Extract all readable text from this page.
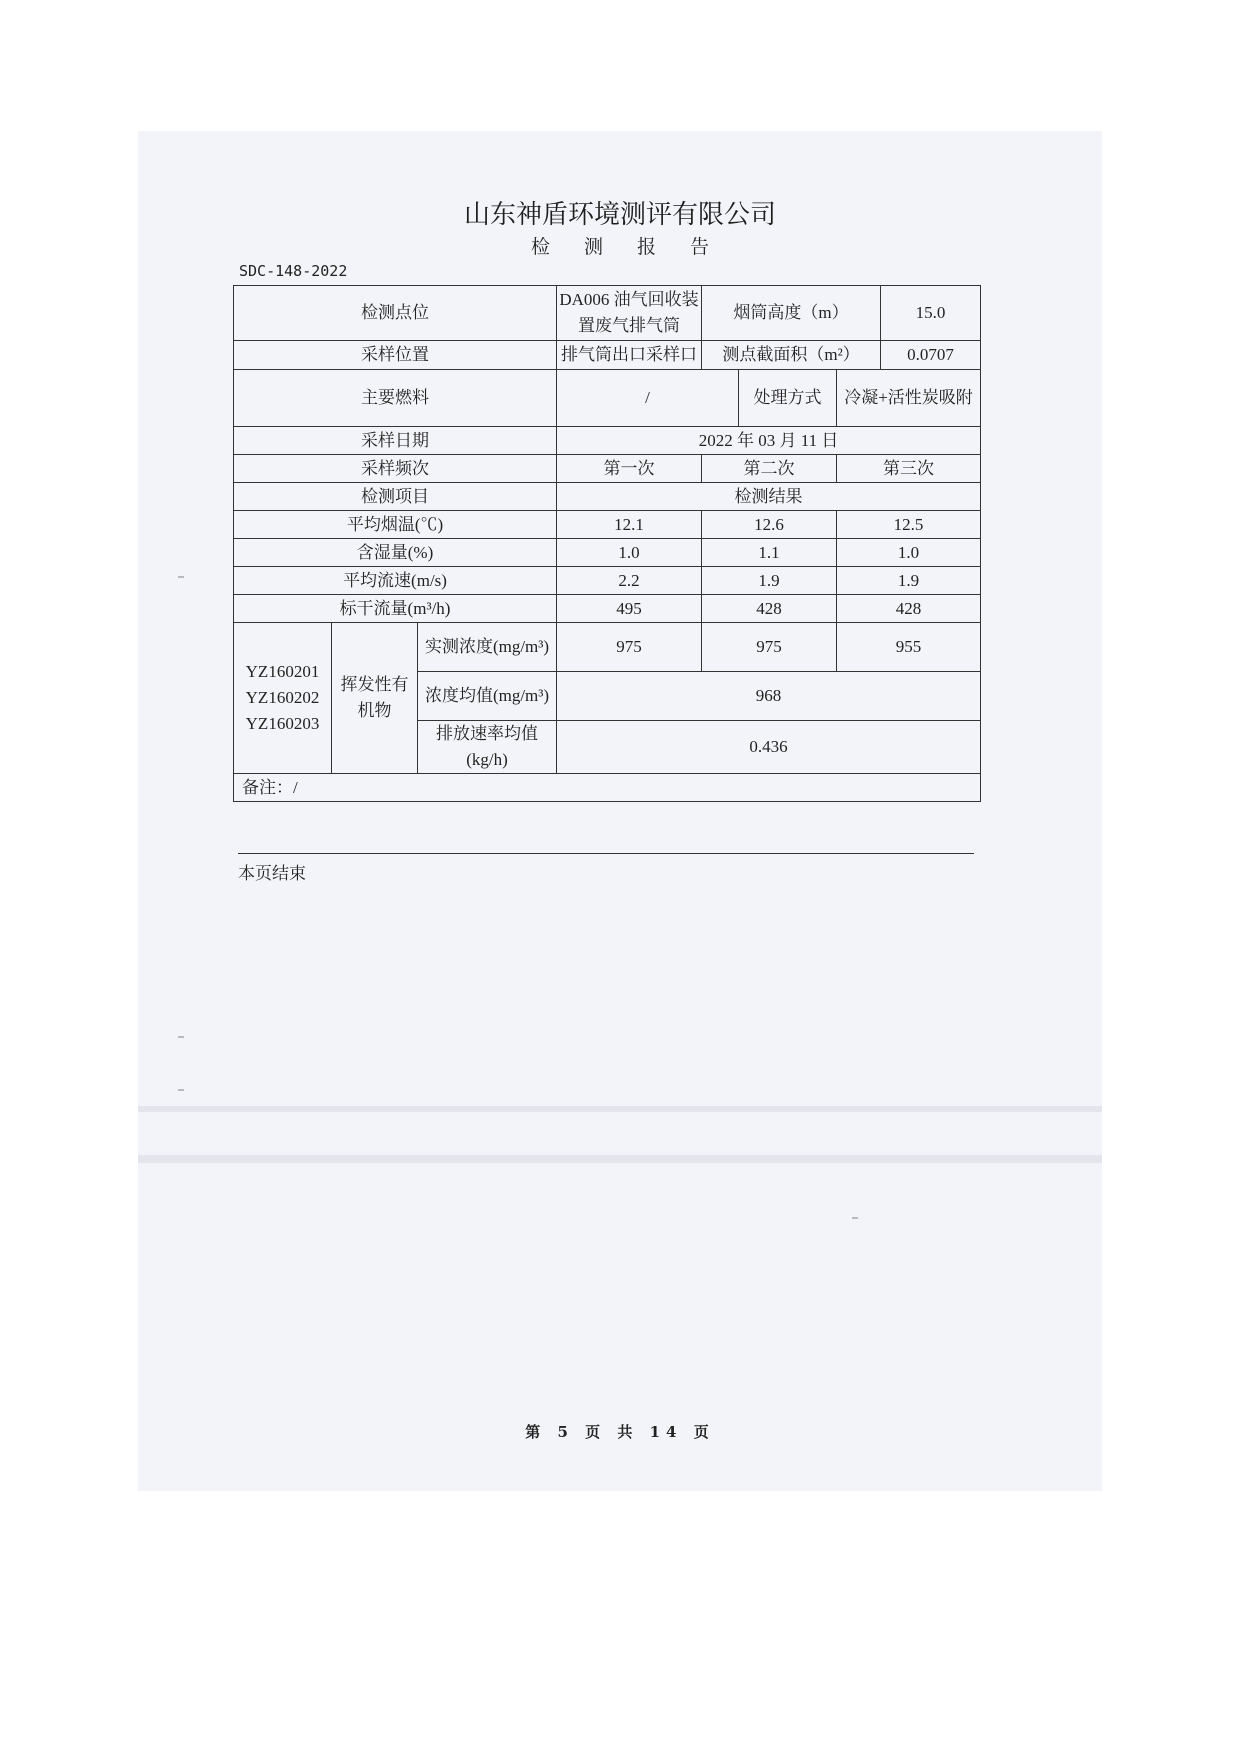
山东神盾环境测评有限公司
检 测 报 告
SDC-148-2022
检测点位			DA006 油气回收装置废气排气筒	烟筒高度（m）			15.0
采样位置			排气筒出口采样口	测点截面积（m²）			0.0707
主要燃料			/		处理方式	冷凝+活性炭吸附	
采样日期			2022 年 03 月 11 日				
采样频次			第一次	第二次		第三次	
检测项目			检测结果				
平均烟温(℃)			12.1	12.6		12.5	
含湿量(%)			1.0	1.1		1.0	
平均流速(m/s)			2.2	1.9		1.9	
标干流量(m³/h)			495	428		428	

YZ160201
YZ160202
YZ160203	挥发性有机物	实测浓度(mg/m³)	975	975		955	
		浓度均值(mg/m³)	968				
		排放速率均值(kg/h)	0.436				
备注：/							
本页结束
第 5 页 共 14 页
